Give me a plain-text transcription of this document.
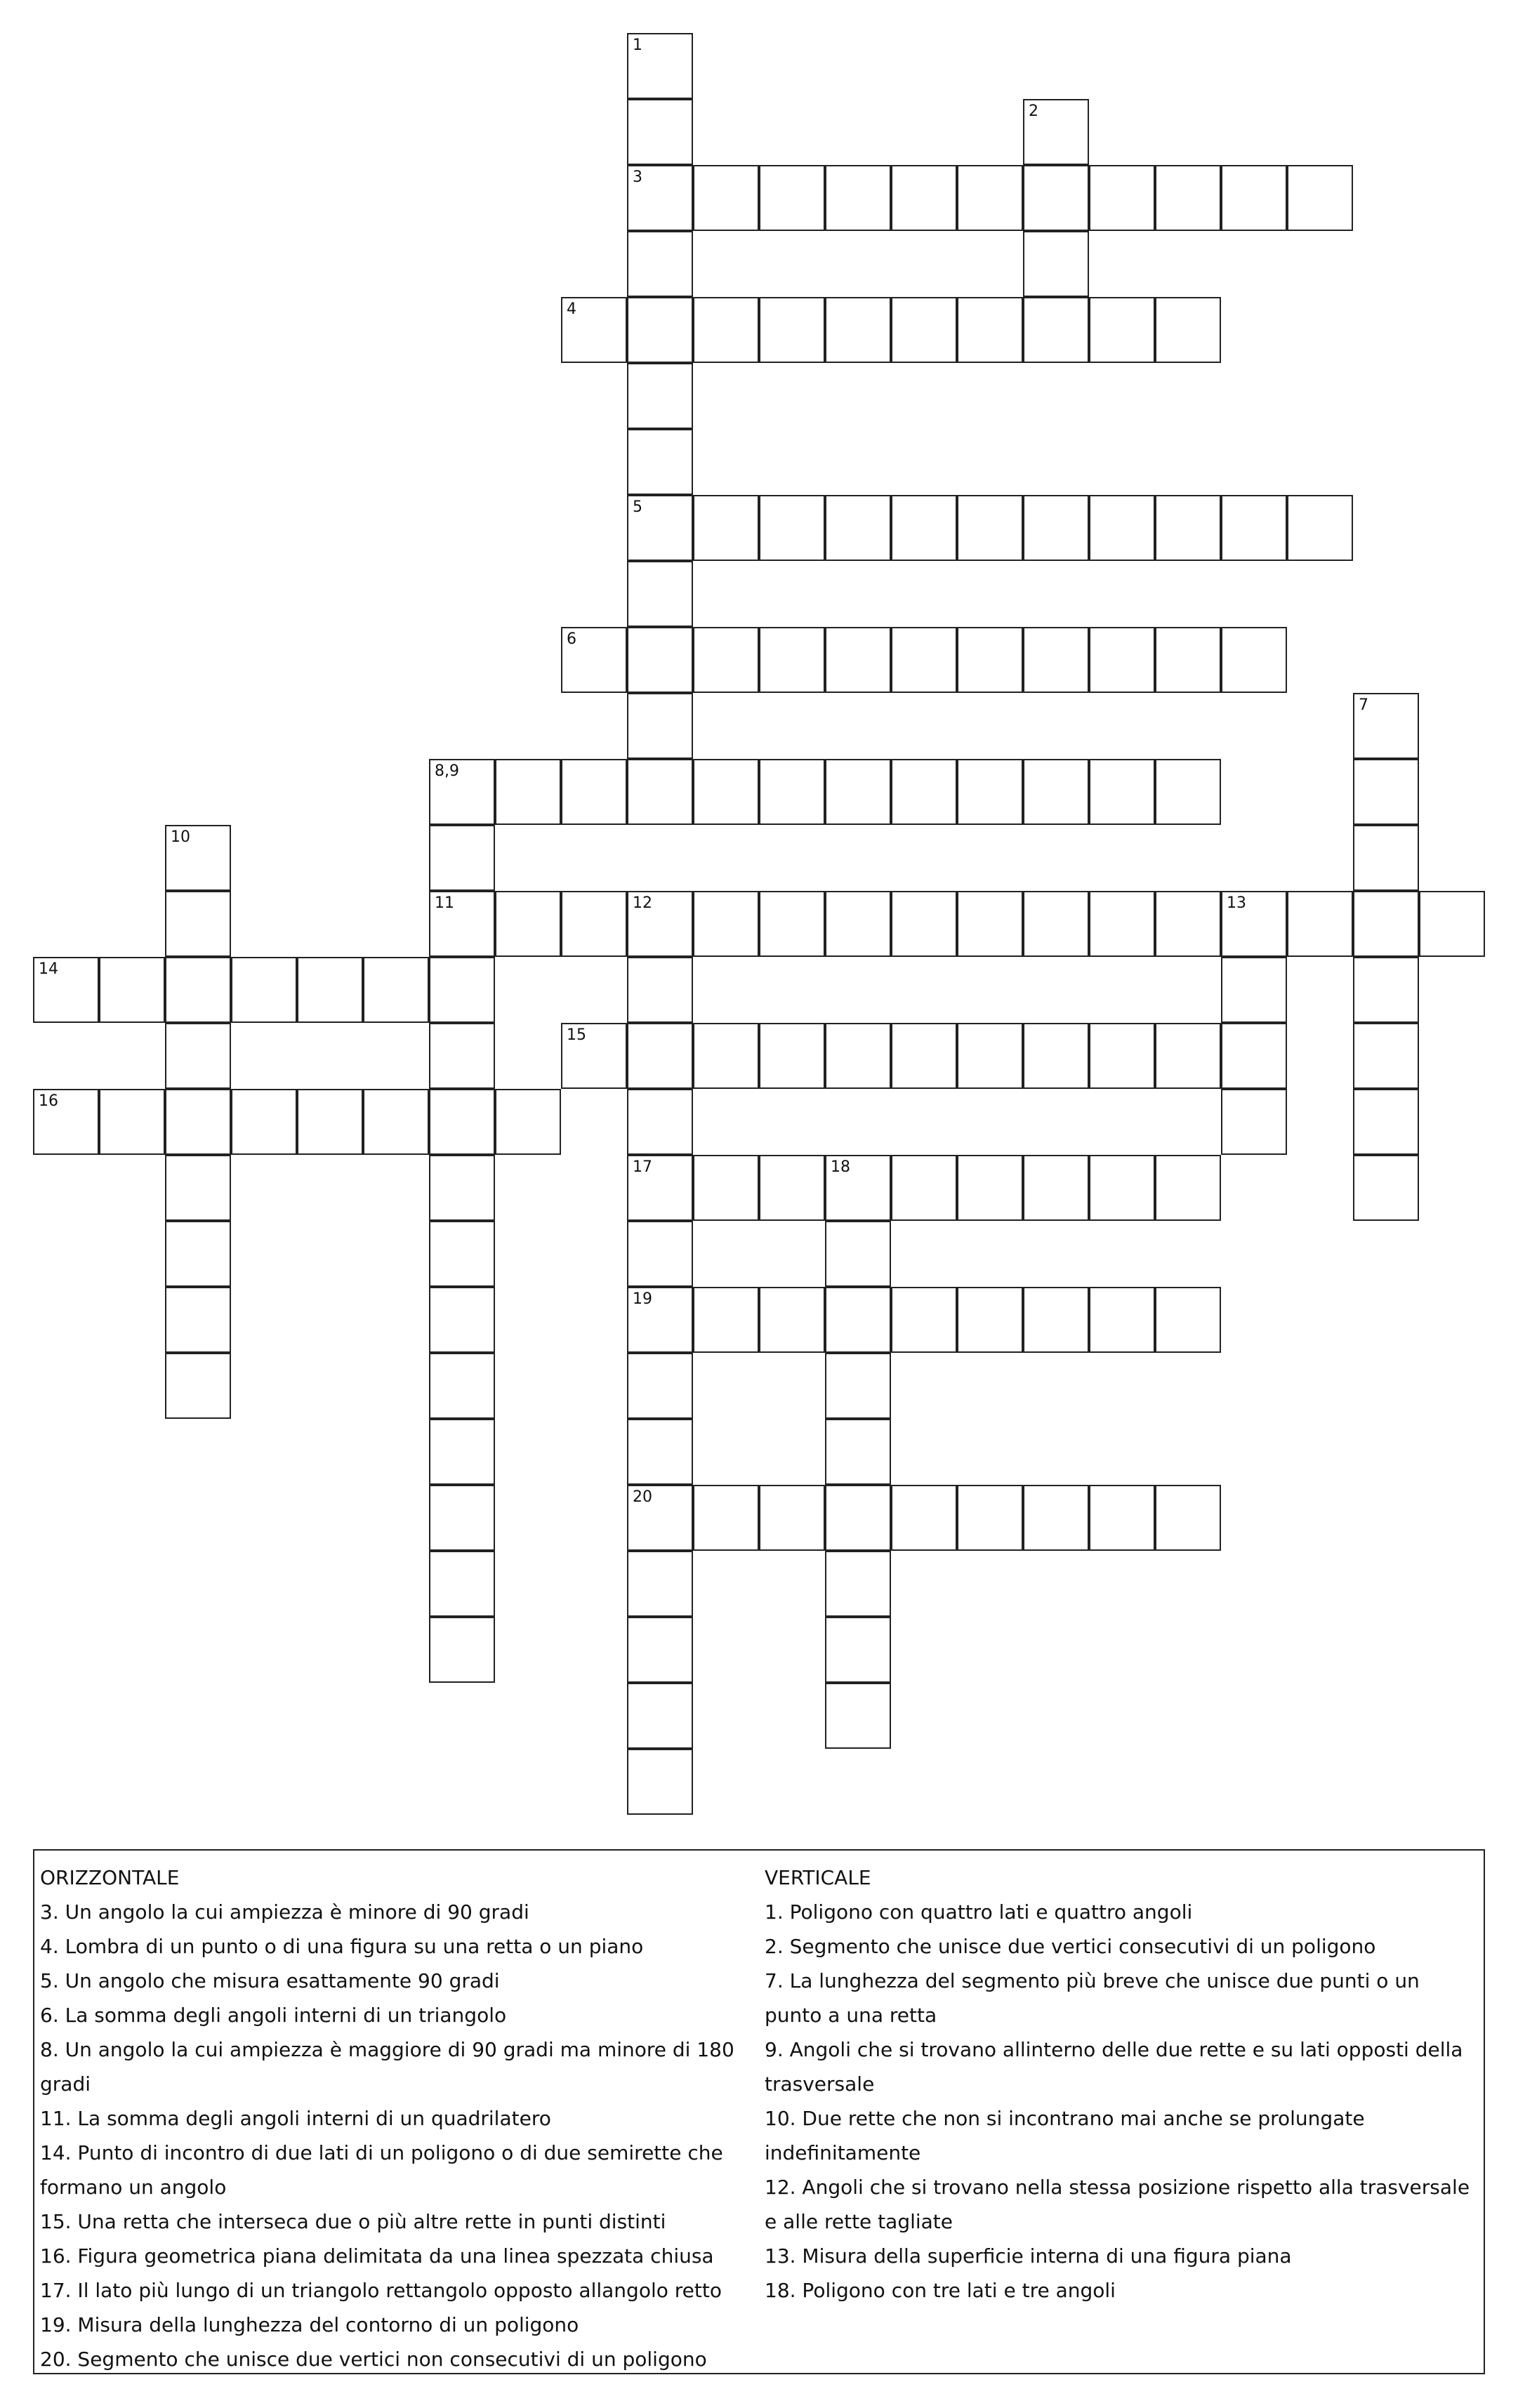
1
2
3
4
5
6
7
8,9
10
11	12	13
14
15
16
17	18
19
20
ORIZZONTALE
3. Un angolo la cui ampiezza è minore di 90 gradi
4. Lombra di un punto o di una figura su una retta o un piano
5. Un angolo che misura esattamente 90 gradi
6. La somma degli angoli interni di un triangolo
8. Un angolo la cui ampiezza è maggiore di 90 gradi ma minore di 180 gradi
11. La somma degli angoli interni di un quadrilatero
14. Punto di incontro di due lati di un poligono o di due semirette che formano un angolo
15. Una retta che interseca due o più altre rette in punti distinti
16. Figura geometrica piana delimitata da una linea spezzata chiusa
17. Il lato più lungo di un triangolo rettangolo opposto allangolo retto
19. Misura della lunghezza del contorno di un poligono
20. Segmento che unisce due vertici non consecutivi di un poligono
VERTICALE
1. Poligono con quattro lati e quattro angoli
2. Segmento che unisce due vertici consecutivi di un poligono
7. La lunghezza del segmento più breve che unisce due punti o un punto a una retta
9. Angoli che si trovano allinterno delle due rette e su lati opposti della trasversale
10. Due rette che non si incontrano mai anche se prolungate indefinitamente
12. Angoli che si trovano nella stessa posizione rispetto alla trasversale e alle rette tagliate
13. Misura della superficie interna di una figura piana
18. Poligono con tre lati e tre angoli
